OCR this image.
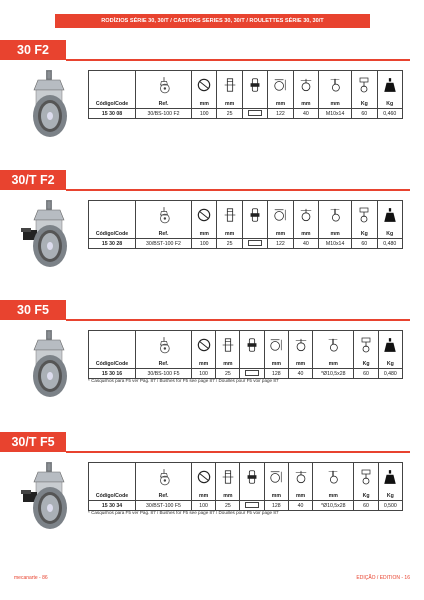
RODÍZIOS SÉRIE 30, 30/T / CASTORS SERIES 30, 30/T / ROULETTES SÉRIE 30, 30/T
30 F2

Código/Code	Ref.	mm	mm		mm	mm	mm	Kg	Kg
15 30 08	30/BS-100 F2	100	25		122	40	M10x14	60	0,460
30/T F2

Código/Code	Ref.	mm	mm		mm	mm	mm	Kg	Kg
15 30 28	30/BST-100 F2	100	25		122	40	M10x14	60	0,480
30 F5

Código/Code	Ref.	mm	mm		mm	mm	mm	Kg	Kg
15 30 16	30/BS-100 F5	100	25		128	40	*Ø10,5x28	60	0,480
* Casquilhos para F5 ver Pág. 87 / Bushes for F5 see page 87 / Douilles pour F5 voir page 87
30/T F5

Código/Code	Ref.	mm	mm		mm	mm	mm	Kg	Kg
15 30 34	30/BST-100 F5	100	25		128	40	*Ø10,5x28	60	0,500
* Casquilhos para F5 ver Pág. 87 / Bushes for F5 see page 87 / Douilles pour F5 voir page 87
mecanarte - 86	EDIÇÃO / EDITION - 16
